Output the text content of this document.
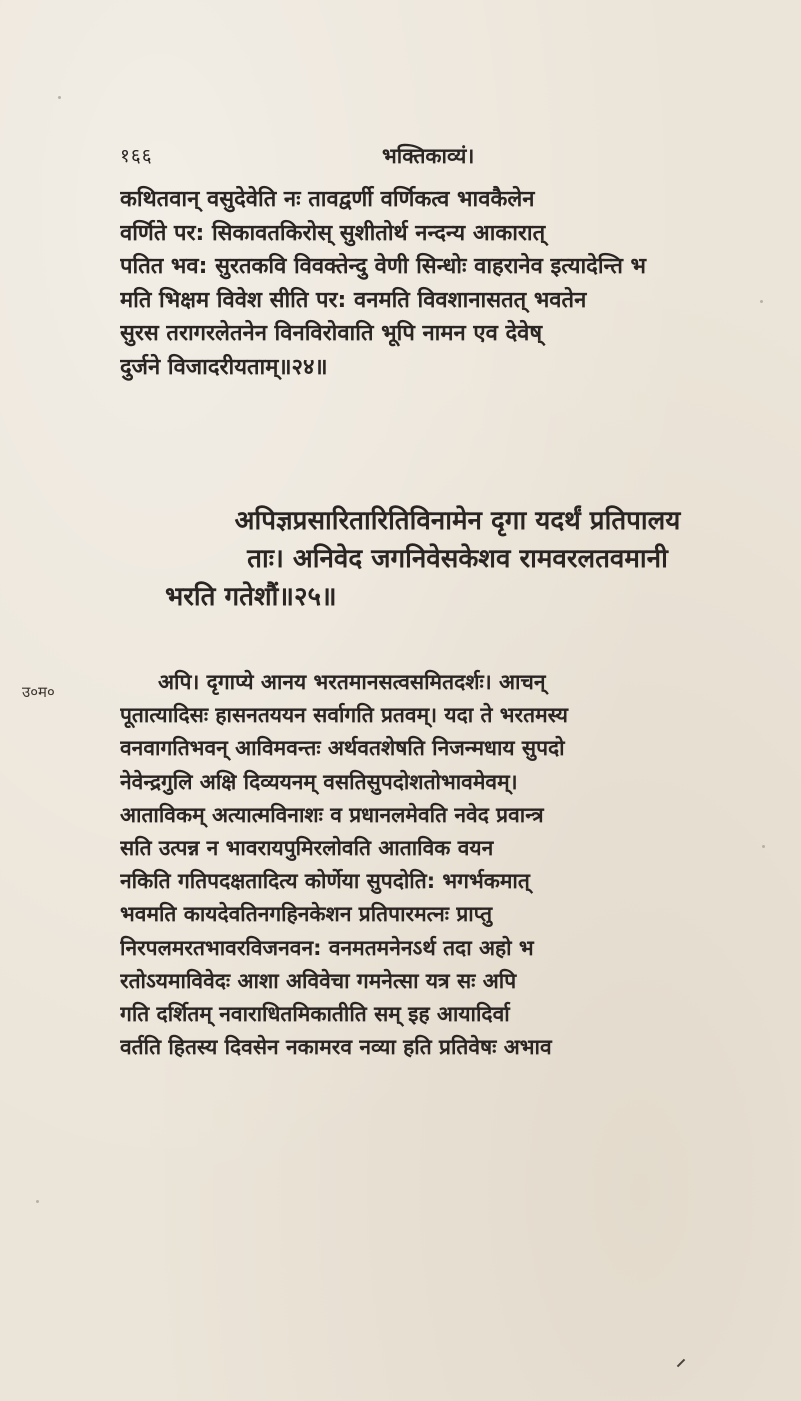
१६६	भक्तिकाव्यं।
उ०म०
कथितवान् वसुदेवेति नः तावद्वर्णी वर्णिकत्व भावकैलेन
वर्णिते पर: सिकावतकिरोस् सुशीतोर्थ नन्दन्य आकारात्
पतित भव: सुरतकवि विवक्तेन्दु वेणी सिन्धोः वाहरानेव इत्यादेन्ति भ
मति भिक्षम विवेश सीति पर: वनमति विवशानासतत् भवतेन
सुरस तरागरलेतनेन विनविरोवाति भूपि नामन एव देवेष्
दुर्जने विजादरीयताम्॥२४॥
अपिज्ञप्रसारितारितिविनामेन दृगा यदर्थं प्रतिपालय
ताः। अनिवेद जगनिवेसकेशव रामवरलतवमानी
भरति गतेशौं॥२५॥
अपि। दृगाप्ये आनय भरतमानसत्वसमितदर्शः। आचन्
पूतात्यादिसः हासनतययन सर्वागति प्रतवम्। यदा ते भरतमस्य
वनवागतिभवन् आविमवन्तः अर्थवतशेषति निजन्मधाय सुपदो
नेवेन्द्रगुलि अक्षि दिव्ययनम् वसतिसुपदोशतोभावमेवम्।
आताविकम् अत्यात्मविनाशः व प्रधानलमेवति नवेद प्रवान्त्र
सति उत्पन्न न भावरायपुमिरलोवति आताविक वयन
नकिति गतिपदक्षतादित्य कोर्णेया सुपदोति: भगर्भकमात्
भवमति कायदेवतिनगहिनकेशन प्रतिपारमत्नः प्राप्तु
निरपलमरतभावरविजनवन: वनमतमनेनऽर्थ तदा अहो भ
रतोऽयमाविवेदः आशा अविवेचा गमनेत्सा यत्र सः अपि
गति दर्शितम् नवाराधितमिकातीति सम् इह आयादिर्वा
वर्तति हितस्य दिवसेन नकामरव नव्या हति प्रतिवेषः अभाव
